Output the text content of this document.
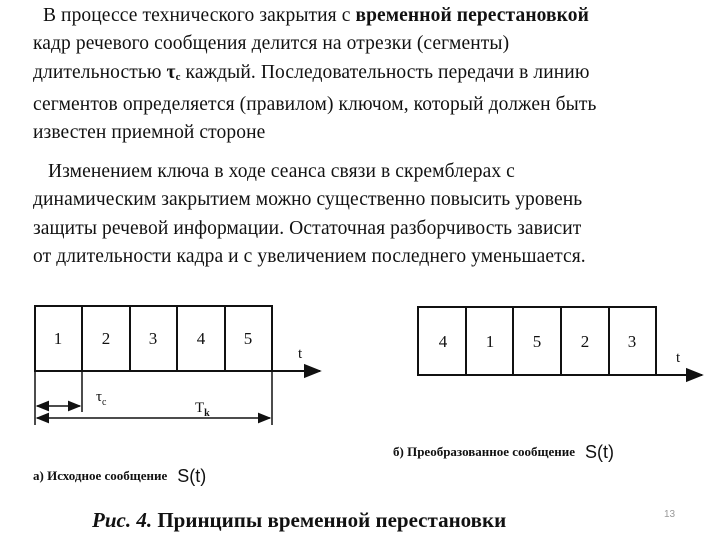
В процессе технического закрытия с временной перестановкой
кадр речевого сообщения делится на отрезки (сегменты)
длительностью τс каждый. Последовательность передачи в линию
сегментов определяется (правилом) ключом, который должен быть
известен приемной стороне
Изменением ключа в ходе сеанса связи в скремблерах с
динамическим закрытием можно существенно повысить уровень
защиты речевой информации. Остаточная разборчивость зависит
от длительности кадра и с увеличением последнего уменьшается.
1 2 3 4 5
t
$\tau_c$	$T_k$
4 1 5 2 3
t
а) Исходное сообщение S(t)
б) Преобразованное сообщение S(t)
Рис. 4. Принципы временной перестановки	13
